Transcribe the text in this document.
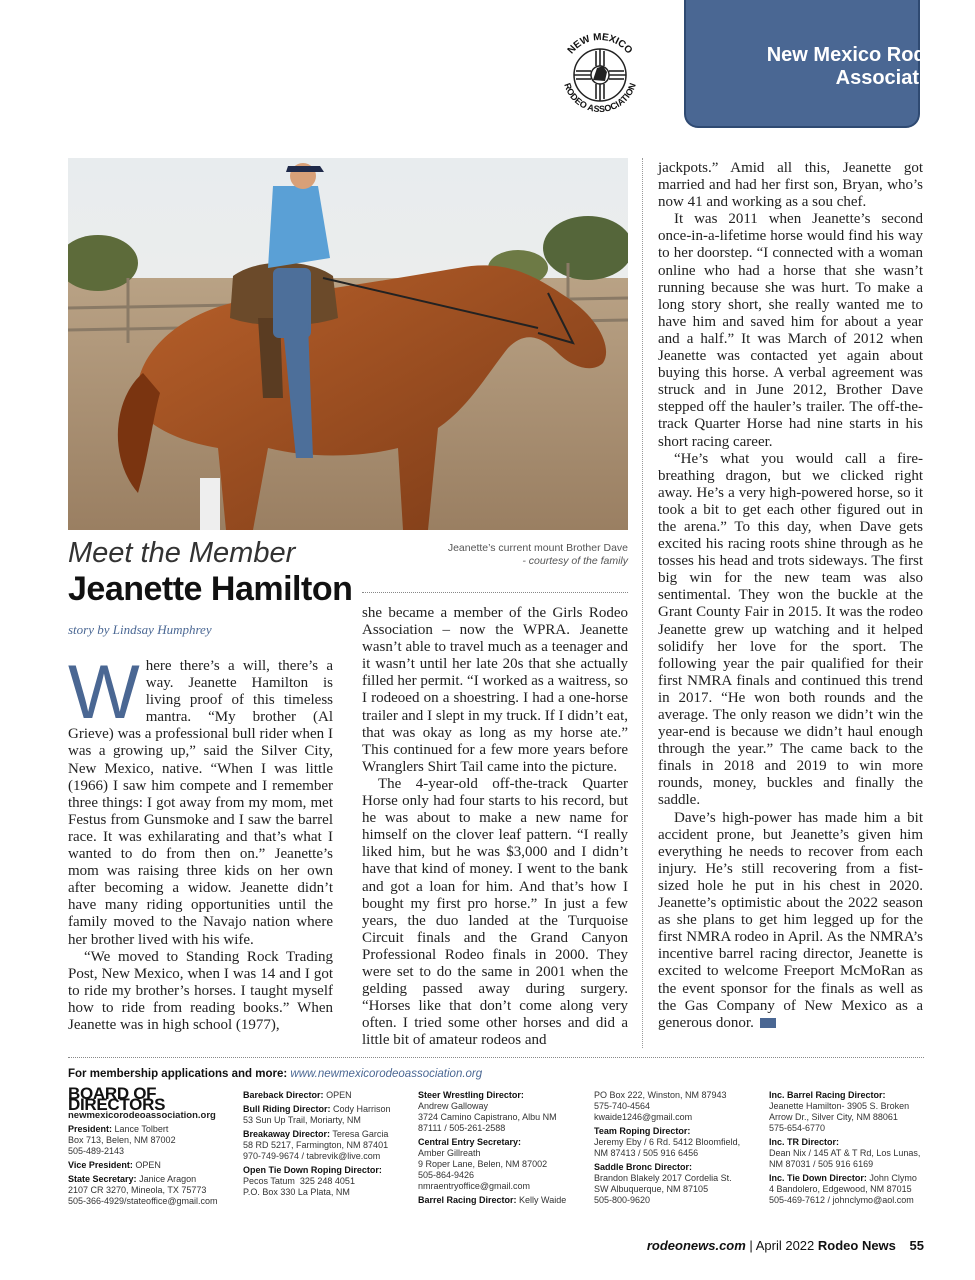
New Mexico Rodeo Association
NEW MEXICO
RODEO ASSOCIATION
Jeanette’s current mount Brother Dave
- courtesy of the family
Meet the Member
Jeanette Hamilton
story by Lindsay Humphrey

Where there’s a will, there’s a way. Jeanette Hamilton is living proof of this timeless mantra. “My brother (Al Grieve) was a professional bull rider when I was a growing up,” said the Silver City, New Mexico, native. “When I was little (1966) I saw him compete and I remember three things: I got away from my mom, met Festus from Gunsmoke and I saw the barrel race. It was exhilarating and that’s what I wanted to do from then on.” Jeanette’s mom was raising three kids on her own after becoming a widow. Jeanette didn’t have many riding opportunities until the family moved to the Navajo nation where her brother lived with his wife.

“We moved to Standing Rock Trading Post, New Mexico, when I was 14 and I got to ride my brother’s horses. I taught myself how to ride from reading books.” When Jeanette was in high school (1977),

she became a member of the Girls Rodeo Association – now the WPRA. Jeanette wasn’t able to travel much as a teenager and it wasn’t until her late 20s that she actually filled her permit. “I worked as a waitress, so I rodeoed on a shoestring. I had a one-horse trailer and I slept in my truck. If I didn’t eat, that was okay as long as my horse ate.” This continued for a few more years before Wranglers Shirt Tail came into the picture.

The 4-year-old off-the-track Quarter Horse only had four starts to his record, but he was about to make a new name for himself on the clover leaf pattern. “I really liked him, but he was $3,000 and I didn’t have that kind of money. I went to the bank and got a loan for him. And that’s how I bought my first pro horse.” In just a few years, the duo landed at the Turquoise Circuit finals and the Grand Canyon Professional Rodeo finals in 2000. They were set to do the same in 2001 when the gelding passed away during surgery. “Horses like that don’t come along very often. I tried some other horses and did a little bit of amateur rodeos and

jackpots.” Amid all this, Jeanette got married and had her first son, Bryan, who’s now 41 and working as a sou chef.

It was 2011 when Jeanette’s second once-in-a-lifetime horse would find his way to her doorstep. “I connected with a woman online who had a horse that she wasn’t running because she was hurt. To make a long story short, she really wanted me to have him and saved him for about a year and a half.” It was March of 2012 when Jeanette was contacted yet again about buying this horse. A verbal agreement was struck and in June 2012, Brother Dave stepped off the hauler’s trailer. The off-the-track Quarter Horse had nine starts in his short racing career.

“He’s what you would call a fire-breathing dragon, but we clicked right away. He’s a very high-powered horse, so it took a bit to get each other figured out in the arena.” To this day, when Dave gets excited his racing roots shine through as he tosses his head and trots sideways. The first big win for the new team was also sentimental. They won the buckle at the Grant County Fair in 2015. It was the rodeo Jeanette grew up watching and it helped solidify her love for the sport. The following year the pair qualified for their first NMRA finals and continued this trend in 2017. “He won both rounds and the average. The only reason we didn’t win the year-end is because we didn’t haul enough through the year.” The came back to the finals in 2018 and 2019 to win more rounds, money, buckles and finally the saddle.

Dave’s high-power has made him a bit accident prone, but Jeanette’s given him everything he needs to recover from each injury. He’s still recovering from a fist-sized hole he put in his chest in 2020. Jeanette’s optimistic about the 2022 season as she plans to get him legged up for the first NMRA rodeo in April. As the NMRA’s incentive barrel racing director, Jeanette is excited to welcome Freeport McMoRan as the event sponsor for the finals as well as the Gas Company of New Mexico as a generous donor.

For membership applications and more: www.newmexicorodeoassociation.org
BOARD OF DIRECTORS
newmexicorodeoassociation.org
President: Lance Tolbert
Box 713, Belen, NM 87002
505-489-2143
Vice President: OPEN
State Secretary: Janice Aragon
2107 CR 3270, Mineola, TX 75773
505-366-4929/stateoffice@gmail.com
Bareback Director: OPEN
Bull Riding Director: Cody Harrison
53 Sun Up Trail, Moriarty, NM
Breakaway Director: Teresa Garcia
58 RD 5217, Farmington, NM 87401
970-749-9674 / tabrevik@live.com
Open Tie Down Roping Director:
Pecos Tatum 325 248 4051
P.O. Box 330 La Plata, NM
Steer Wrestling Director:
Andrew Galloway
3724 Camino Capistrano, Albu NM
87111 / 505-261-2588
Central Entry Secretary:
Amber Gillreath
9 Roper Lane, Belen, NM 87002
505-864-9426
nmraentryoffice@gmail.com
Barrel Racing Director: Kelly Waide
PO Box 222, Winston, NM 87943
575-740-4564
kwaide1246@gmail.com
Team Roping Director:
Jeremy Eby / 6 Rd. 5412 Bloomfield,
NM 87413 / 505 916 6456
Saddle Bronc Director:
Brandon Blakely 2017 Cordelia St.
SW Albuquerque, NM 87105
505-800-9620
Inc. Barrel Racing Director:
Jeanette Hamilton- 3905 S. Broken
Arrow Dr., Silver City, NM 88061
575-654-6770
Inc. TR Director:
Dean Nix / 145 AT & T Rd, Los Lunas,
NM 87031 / 505 916 6169
Inc. Tie Down Director: John Clymo
4 Bandolero, Edgewood, NM 87015
505-469-7612 / johnclymo@aol.com
rodeonews.com | April 2022 Rodeo News 55
